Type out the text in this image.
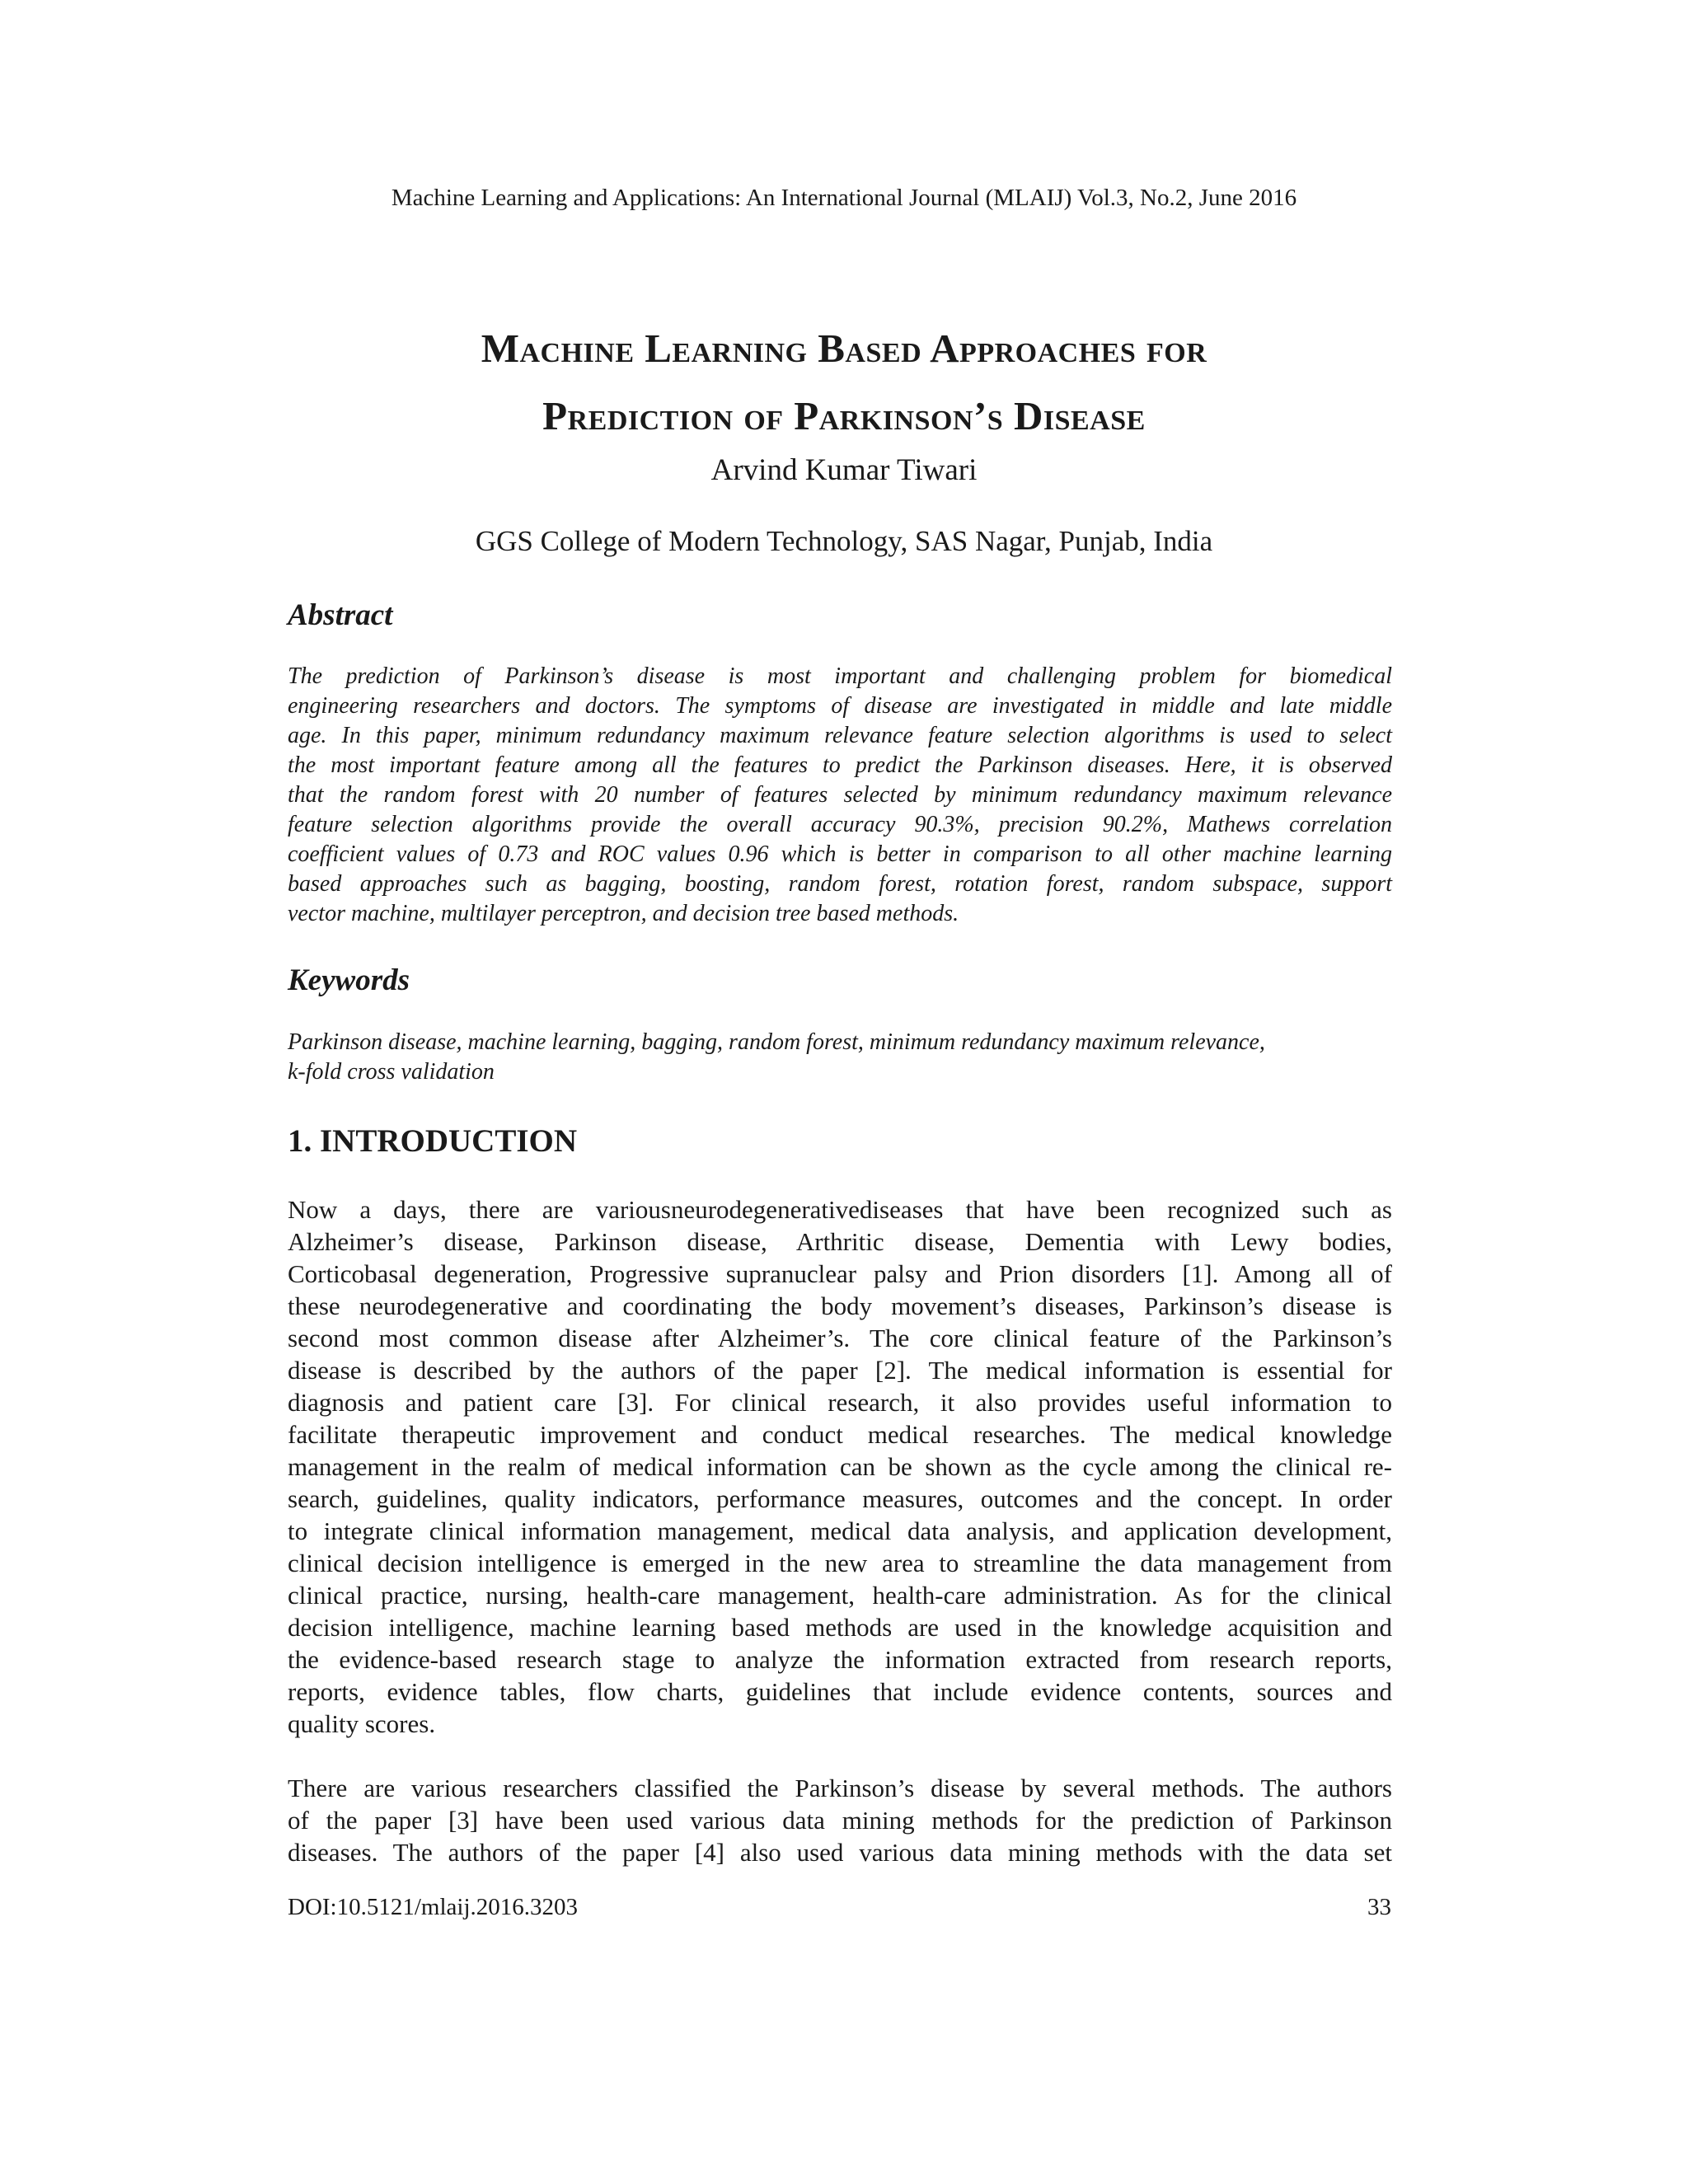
Machine Learning and Applications: An International Journal (MLAIJ) Vol.3, No.2, June 2016
Machine Learning Based Approaches for
Prediction of Parkinson’s Disease
Arvind Kumar Tiwari
GGS College of Modern Technology, SAS Nagar, Punjab, India
Abstract
The prediction of Parkinson’s disease is most important and challenging problem for biomedical
engineering researchers and doctors. The symptoms of disease are investigated in middle and late middle
age. In this paper, minimum redundancy maximum relevance feature selection algorithms is used to select
the most important feature among all the features to predict the Parkinson diseases. Here, it is observed
that the random forest with 20 number of features selected by minimum redundancy maximum relevance
feature selection algorithms provide the overall accuracy 90.3%, precision 90.2%, Mathews correlation
coefficient values of 0.73 and ROC values 0.96 which is better in comparison to all other machine learning
based approaches such as bagging, boosting, random forest, rotation forest, random subspace, support
vector machine, multilayer perceptron, and decision tree based methods.
Keywords
Parkinson disease, machine learning, bagging, random forest, minimum redundancy maximum relevance,
k-fold cross validation
1. INTRODUCTION
Now a days, there are variousneurodegenerativediseases that have been recognized such as
Alzheimer’s disease, Parkinson disease, Arthritic disease, Dementia with Lewy bodies,
Corticobasal degeneration, Progressive supranuclear palsy and Prion disorders [1]. Among all of
these neurodegenerative and coordinating the body movement’s diseases, Parkinson’s disease is
second most common disease after Alzheimer’s. The core clinical feature of the Parkinson’s
disease is described by the authors of the paper [2]. The medical information is essential for
diagnosis and patient care [3]. For clinical research, it also provides useful information to
facilitate therapeutic improvement and conduct medical researches. The medical knowledge
management in the realm of medical information can be shown as the cycle among the clinical re-
search, guidelines, quality indicators, performance measures, outcomes and the concept. In order
to integrate clinical information management, medical data analysis, and application development,
clinical decision intelligence is emerged in the new area to streamline the data management from
clinical practice, nursing, health-care management, health-care administration. As for the clinical
decision intelligence, machine learning based methods are used in the knowledge acquisition and
the evidence-based research stage to analyze the information extracted from research reports,
reports, evidence tables, flow charts, guidelines that include evidence contents, sources and
quality scores.
There are various researchers classified the Parkinson’s disease by several methods. The authors
of the paper [3] have been used various data mining methods for the prediction of Parkinson
diseases. The authors of the paper [4] also used various data mining methods with the data set
DOI:10.5121/mlaij.2016.3203	33
